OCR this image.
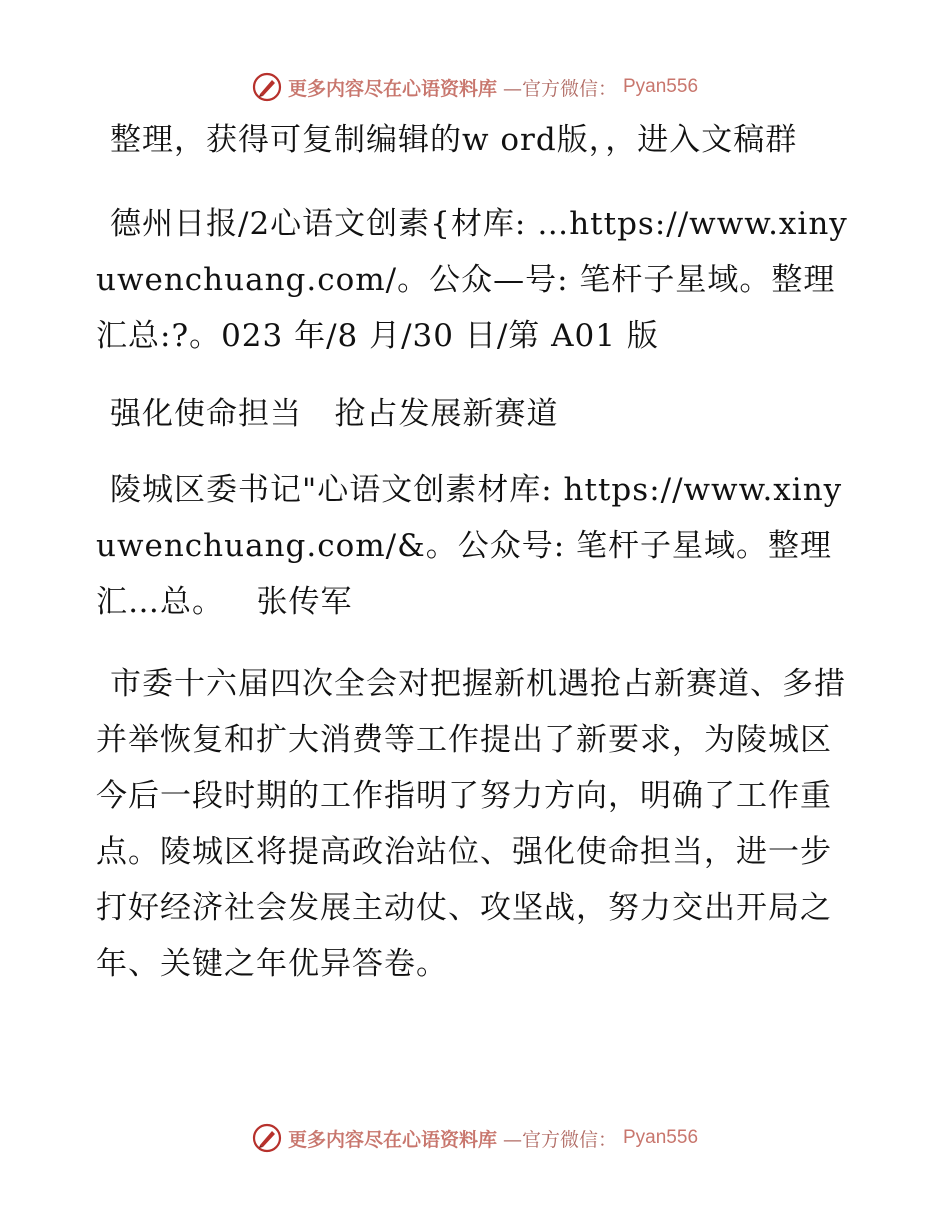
更多内容尽在心语资料库 —官方微信： Pyan556

整理，获得可复制编辑的w ord版，，进入文稿群

德州日报/2心语文创素{材库: …https://www.xinyuwenchuang.com/。公众—号: 笔杆子星域。整理汇总:?。023 年/8 月/30 日/第 A01 版

强化使命担当   抢占发展新赛道

陵城区委书记"心语文创素材库: https://www.xinyuwenchuang.com/&。公众号: 笔杆子星域。整理汇…总。   张传军

市委十六届四次全会对把握新机遇抢占新赛道、多措并举恢复和扩大消费等工作提出了新要求，为陵城区今后一段时期的工作指明了努力方向，明确了工作重点。陵城区将提高政治站位、强化使命担当，进一步打好经济社会发展主动仗、攻坚战，努力交出开局之年、关键之年优异答卷。

更多内容尽在心语资料库 —官方微信： Pyan556
